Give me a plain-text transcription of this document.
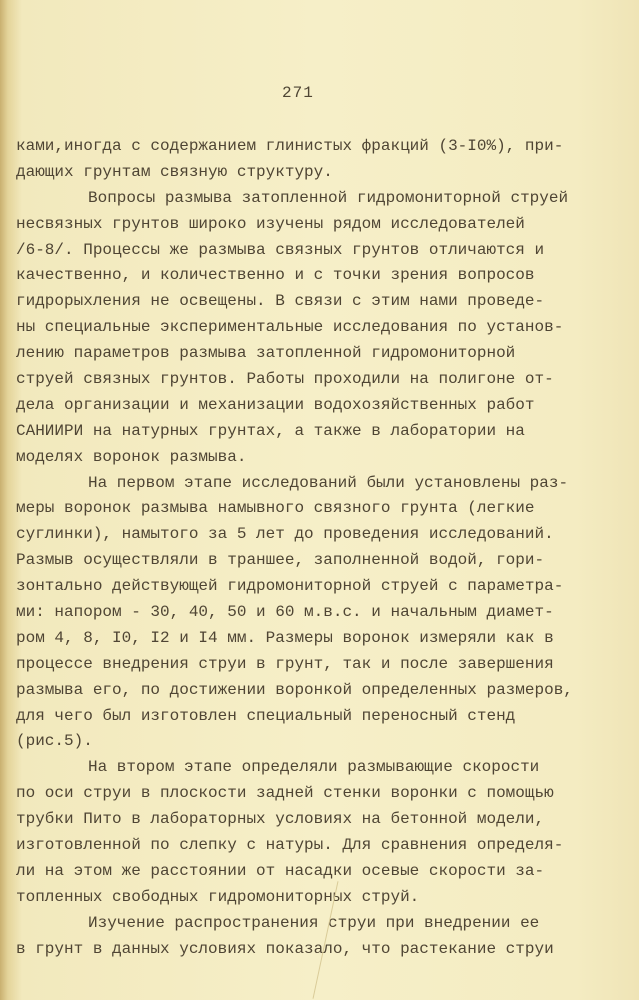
271
ками,иногда с содержанием глинистых фракций (3-I0%), при-
дающих грунтам связную структуру.
Вопросы размыва затопленной гидромониторной струей
несвязных грунтов широко изучены рядом исследователей
/6-8/. Процессы же размыва связных грунтов отличаются и
качественно, и количественно и с точки зрения вопросов
гидрорыхления не освещены. В связи с этим нами проведе-
ны специальные экспериментальные исследования по установ-
лению параметров размыва затопленной гидромониторной
струей связных грунтов. Работы проходили на полигоне от-
дела организации и механизации водохозяйственных работ
САНИИРИ на натурных грунтах, а также в лаборатории на
моделях воронок размыва.
На первом этапе исследований были установлены раз-
меры воронок размыва намывного связного грунта (легкие
суглинки), намытого за 5 лет до проведения исследований.
Размыв осуществляли в траншее, заполненной водой, гори-
зонтально действующей гидромониторной струей с параметра-
ми: напором - 30, 40, 50 и 60 м.в.с. и начальным диамет-
ром 4, 8, I0, I2 и I4 мм. Размеры воронок измеряли как в
процессе внедрения струи в грунт, так и после завершения
размыва его, по достижении воронкой определенных размеров,
для чего был изготовлен специальный переносный стенд
(рис.5).
На втором этапе определяли размывающие скорости
по оси струи в плоскости задней стенки воронки с помощью
трубки Пито в лабораторных условиях на бетонной модели,
изготовленной по слепку с натуры. Для сравнения определя-
ли на этом же расстоянии от насадки осевые скорости за-
топленных свободных гидромониторных струй.
Изучение распространения струи при внедрении ее
в грунт в данных условиях показало, что растекание струи
